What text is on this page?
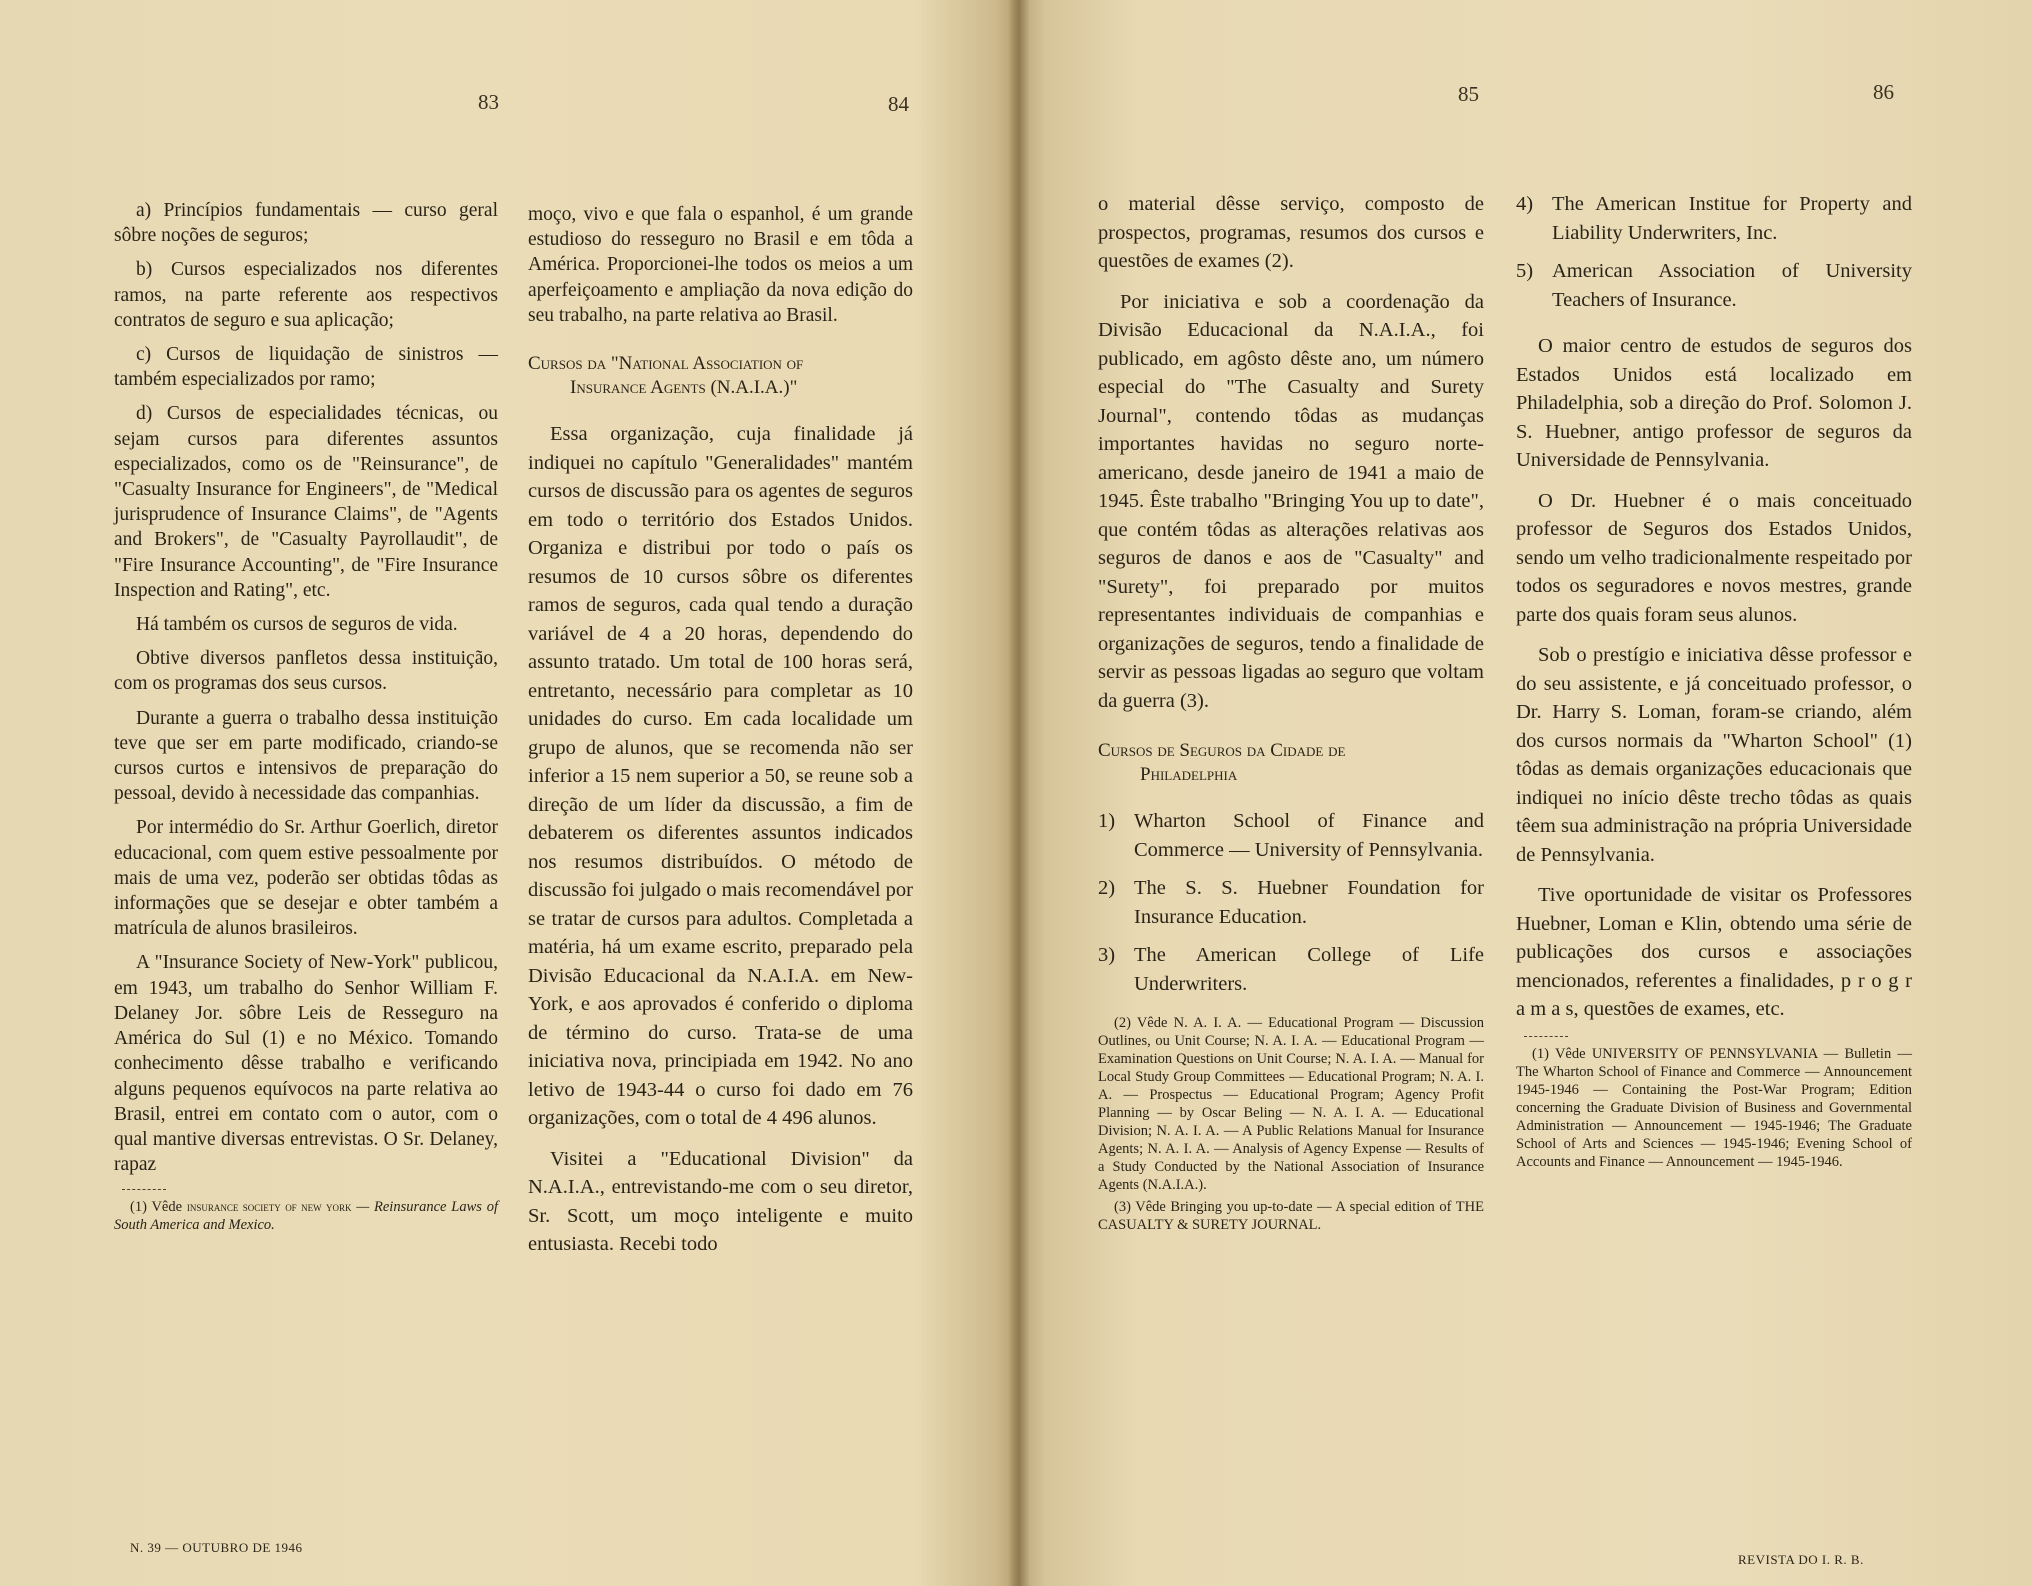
83	84	85	86

a) Princípios fundamentais — curso geral sôbre noções de seguros;

b) Cursos especializados nos diferentes ramos, na parte referente aos respectivos contratos de seguro e sua aplicação;

c) Cursos de liquidação de sinistros — também especializados por ramo;

d) Cursos de especialidades técnicas, ou sejam cursos para diferentes assuntos especializados, como os de "Reinsurance", de "Casualty Insurance for Engineers", de "Medical jurisprudence of Insurance Claims", de "Agents and Brokers", de "Casualty Payrollaudit", de "Fire Insurance Accounting", de "Fire Insurance Inspection and Rating", etc.

Há também os cursos de seguros de vida.

Obtive diversos panfletos dessa instituição, com os programas dos seus cursos.

Durante a guerra o trabalho dessa instituição teve que ser em parte modificado, criando-se cursos curtos e intensivos de preparação do pessoal, devido à necessidade das companhias.

Por intermédio do Sr. Arthur Goerlich, diretor educacional, com quem estive pessoalmente por mais de uma vez, poderão ser obtidas tôdas as informações que se desejar e obter também a matrícula de alunos brasileiros.

A "Insurance Society of New-York" publicou, em 1943, um trabalho do Senhor William F. Delaney Jor. sôbre Leis de Resseguro na América do Sul (1) e no México. Tomando conhecimento dêsse trabalho e verificando alguns pequenos equívocos na parte relativa ao Brasil, entrei em contato com o autor, com o qual mantive diversas entrevistas. O Sr. Delaney, rapaz

(1) Vêde insurance society of new york — Reinsurance Laws of South America and Mexico.

moço, vivo e que fala o espanhol, é um grande estudioso do resseguro no Brasil e em tôda a América. Proporcionei-lhe todos os meios a um aperfeiçoamento e ampliação da nova edição do seu trabalho, na parte relativa ao Brasil.

Cursos da "National Association of
Insurance Agents (N.A.I.A.)"

Essa organização, cuja finalidade já indiquei no capítulo "Generalidades" mantém cursos de discussão para os agentes de seguros em todo o território dos Estados Unidos. Organiza e distribui por todo o país os resumos de 10 cursos sôbre os diferentes ramos de seguros, cada qual tendo a duração variável de 4 a 20 horas, dependendo do assunto tratado. Um total de 100 horas será, entretanto, necessário para completar as 10 unidades do curso. Em cada localidade um grupo de alunos, que se recomenda não ser inferior a 15 nem superior a 50, se reune sob a direção de um líder da discussão, a fim de debaterem os diferentes assuntos indicados nos resumos distribuídos. O método de discussão foi julgado o mais recomendável por se tratar de cursos para adultos. Completada a matéria, há um exame escrito, preparado pela Divisão Educacional da N.A.I.A. em New-York, e aos aprovados é conferido o diploma de término do curso. Trata-se de uma iniciativa nova, principiada em 1942. No ano letivo de 1943-44 o curso foi dado em 76 organizações, com o total de 4 496 alunos.

Visitei a "Educational Division" da N.A.I.A., entrevistando-me com o seu diretor, Sr. Scott, um moço inteligente e muito entusiasta. Recebi todo

o material dêsse serviço, composto de prospectos, programas, resumos dos cursos e questões de exames (2).

Por iniciativa e sob a coordenação da Divisão Educacional da N.A.I.A., foi publicado, em agôsto dêste ano, um número especial do "The Casualty and Surety Journal", contendo tôdas as mudanças importantes havidas no seguro norte-americano, desde janeiro de 1941 a maio de 1945. Êste trabalho "Bringing You up to date", que contém tôdas as alterações relativas aos seguros de danos e aos de "Casualty" and "Surety", foi preparado por muitos representantes individuais de companhias e organizações de seguros, tendo a finalidade de servir as pessoas ligadas ao seguro que voltam da guerra (3).

Cursos de Seguros da Cidade de
Philadelphia
1) Wharton School of Finance and Commerce — University of Pennsylvania.
2) The S. S. Huebner Foundation for Insurance Education.
3) The American College of Life Underwriters.

(2) Vêde N. A. I. A. — Educational Program — Discussion Outlines, ou Unit Course; N. A. I. A. — Educational Program — Examination Questions on Unit Course; N. A. I. A. — Manual for Local Study Group Committees — Educational Program; N. A. I. A. — Prospectus — Educational Program; Agency Profit Planning — by Oscar Beling — N. A. I. A. — Educational Division; N. A. I. A. — A Public Relations Manual for Insurance Agents; N. A. I. A. — Analysis of Agency Expense — Results of a Study Conducted by the National Association of Insurance Agents (N.A.I.A.).

(3) Vêde Bringing you up-to-date — A special edition of THE CASUALTY & SURETY JOURNAL.

4) The American Institue for Property and Liability Underwriters, Inc.
5) American Association of University Teachers of Insurance.

O maior centro de estudos de seguros dos Estados Unidos está localizado em Philadelphia, sob a direção do Prof. Solomon J. S. Huebner, antigo professor de seguros da Universidade de Pennsylvania.

O Dr. Huebner é o mais conceituado professor de Seguros dos Estados Unidos, sendo um velho tradicionalmente respeitado por todos os seguradores e novos mestres, grande parte dos quais foram seus alunos.

Sob o prestígio e iniciativa dêsse professor e do seu assistente, e já conceituado professor, o Dr. Harry S. Loman, foram-se criando, além dos cursos normais da "Wharton School" (1) tôdas as demais organizações educacionais que indiquei no início dêste trecho tôdas as quais têem sua administração na própria Universidade de Pennsylvania.

Tive oportunidade de visitar os Professores Huebner, Loman e Klin, obtendo uma série de publicações dos cursos e associações mencionados, referentes a finalidades, p r o g r a m a s, questões de exames, etc.

(1) Vêde UNIVERSITY OF PENNSYLVANIA — Bulletin — The Wharton School of Finance and Commerce — Announcement 1945-1946 — Containing the Post-War Program; Edition concerning the Graduate Division of Business and Governmental Administration — Announcement — 1945-1946; The Graduate School of Arts and Sciences — 1945-1946; Evening School of Accounts and Finance — Announcement — 1945-1946.

N. 39 — OUTUBRO DE 1946
REVISTA DO I. R. B.
